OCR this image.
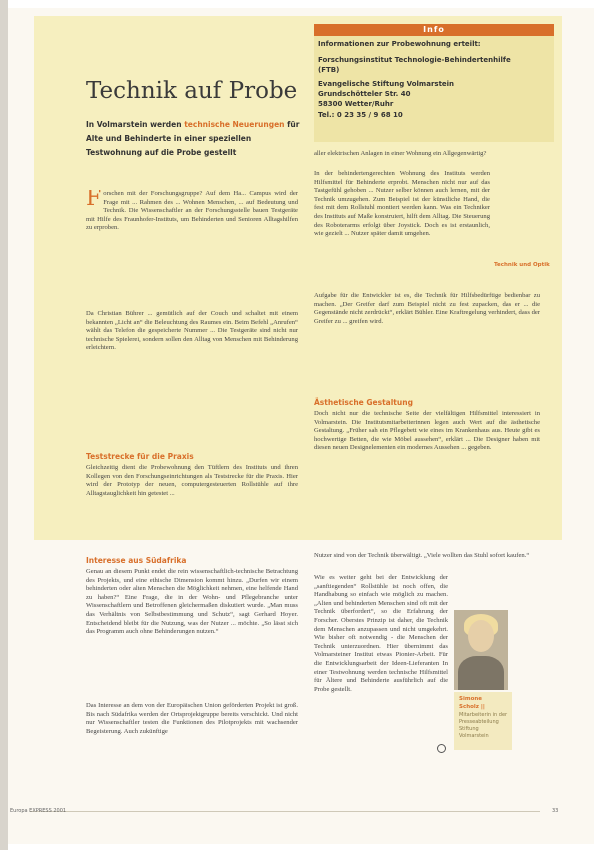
Technik auf Probe
Info
Informationen zur Probewohnung erteilt:
Forschungsinstitut Technologie-Behindertenhilfe
(FTB)
Evangelische Stiftung Volmarstein
Grundschötteler Str. 40
58300 Wetter/Ruhr
Tel.: 0 23 35 / 9 68 10

In Volmarstein werden technische Neuerungen für Alte und Behinderte in einer speziellen Testwohnung auf die Probe gestellt

Forschen mit der Forschungsgruppe? Auf dem Ha... Campus wird der Frage mit ... Rahmen des ... Wohnen Menschen, ... auf Bedeutung und Technik. Die Wissenschaftler an der Forschungsstelle bauen Testgeräte mit Hilfe des Fraunhofer-Instituts, um Behinderten und Senioren Alltagshilfen zu erproben.
Da Christian Bührer ... gemütlich auf der Couch und schaltet mit einem bekannten „Licht an“ die Beleuchtung des Raumes ein. Beim Befehl „Anrufen“ wählt das Telefon die gespeicherte Nummer ... Die Testgeräte sind nicht nur technische Spielerei, sondern sollen den Alltag von Menschen mit Behinderung erleichtern.
Teststrecke für die Praxis
Gleichzeitig dient die Probewohnung den Tüftlern des Instituts und ihren Kollegen von den Forschungseinrichtungen als Teststrecke für die Praxis. Hier wird der Prototyp der neuen, computergesteuerten Rollstühle auf ihre Alltagstauglichkeit hin getestet ...
aller elektrischen Anlagen in einer Wohnung ein Allgegenwärtig?
In der behindertengerechten Wohnung des Instituts werden Hilfsmittel für Behinderte erprobt. Menschen nicht nur auf das Tastgefühl gehoben ... Nutzer selber können auch lernen, mit der Technik umzugehen. Zum Beispiel ist der künstliche Hand, die fest mit dem Rollstuhl montiert werden kann. Was ein Techniker des Instituts auf Maße konstruiert, hilft dem Alltag. Die Steuerung des Roboterarms erfolgt über Joystick. Doch es ist erstaunlich, wie gezielt ... Nutzer später damit umgehen.
Technik und Optik
Aufgabe für die Entwickler ist es, die Technik für Hilfsbedürftige bedienbar zu machen. „Der Greifer darf zum Beispiel nicht zu fest zupacken, das er ... die Gegenstände nicht zerdrückt“, erklärt Bühler. Eine Kraftregelung verhindert, dass der Greifer zu ... greifen wird.
Ästhetische Gestaltung
Doch nicht nur die technische Seite der vielfältigen Hilfsmittel interessiert in Volmarstein. Die Institutsmitarbeiterinnen legen auch Wert auf die ästhetische Gestaltung. „Früher sah ein Pflegebett wie eines im Krankenhaus aus. Heute gibt es hochwertige Betten, die wie Möbel aussehen“, erklärt ... Die Designer haben mit diesen neuen Designelementen ein modernes Aussehen ... gegeben.
Interesse aus Südafrika
Genau an diesem Punkt endet die rein wissenschaftlich-technische Betrachtung des Projekts, und eine ethische Dimension kommt hinzu. „Durfen wir einem behinderten oder alten Menschen die Möglichkeit nehmen, eine helfende Hand zu haben?“ Eine Frage, die in der Wohn- und Pflegebranche unter Wissenschaftlern und Betroffenen gleichermaßen diskutiert wurde. „Man muss das Verhältnis von Selbstbestimmung und Schutz“, sagt Gerhard Hoyer. Entscheidend bleibt für die Nutzung, was der Nutzer ... möchte. „So lässt sich das Programm auch ohne Behinderungen nutzen.“
Das Interesse an dem von der Europäischen Union geförderten Projekt ist groß. Bis nach Südafrika werden der Ortsprojektgruppe bereits verschickt. Und nicht nur Wissenschaftler testen die Funktionen des Pilotprojekts mit wachsender Begeisterung. Auch zukünftige
Nutzer sind von der Technik überwältigt. „Viele wollten das Stuhl sofort kaufen.“
Wie es weiter geht bei der Entwicklung der „sanftiegenden“ Rollstühle ist noch offen, die Handhabung so einfach wie möglich zu machen. „Alten und behinderten Menschen sind oft mit der Technik überfordert“, so die Erfahrung der Forscher. Oberstes Prinzip ist daher, die Technik dem Menschen anzupassen und nicht umgekehrt. Wie bisher oft notwendig - die Menschen der Technik unterzuordnen. Hier übernimmt das Volmarsteiner Institut etwas Pionier-Arbeit. Für die Entwicklungsarbeit der Ideen-Lieferanten In einer Testwohnung werden technische Hilfsmittel für Ältere und Behinderte ausführlich auf die Probe gestellt.
Simone
Scholz ||
Mitarbeiterin in der Presseabteilung Stiftung Volmarstein
Europa EXPRESS 2001	33
